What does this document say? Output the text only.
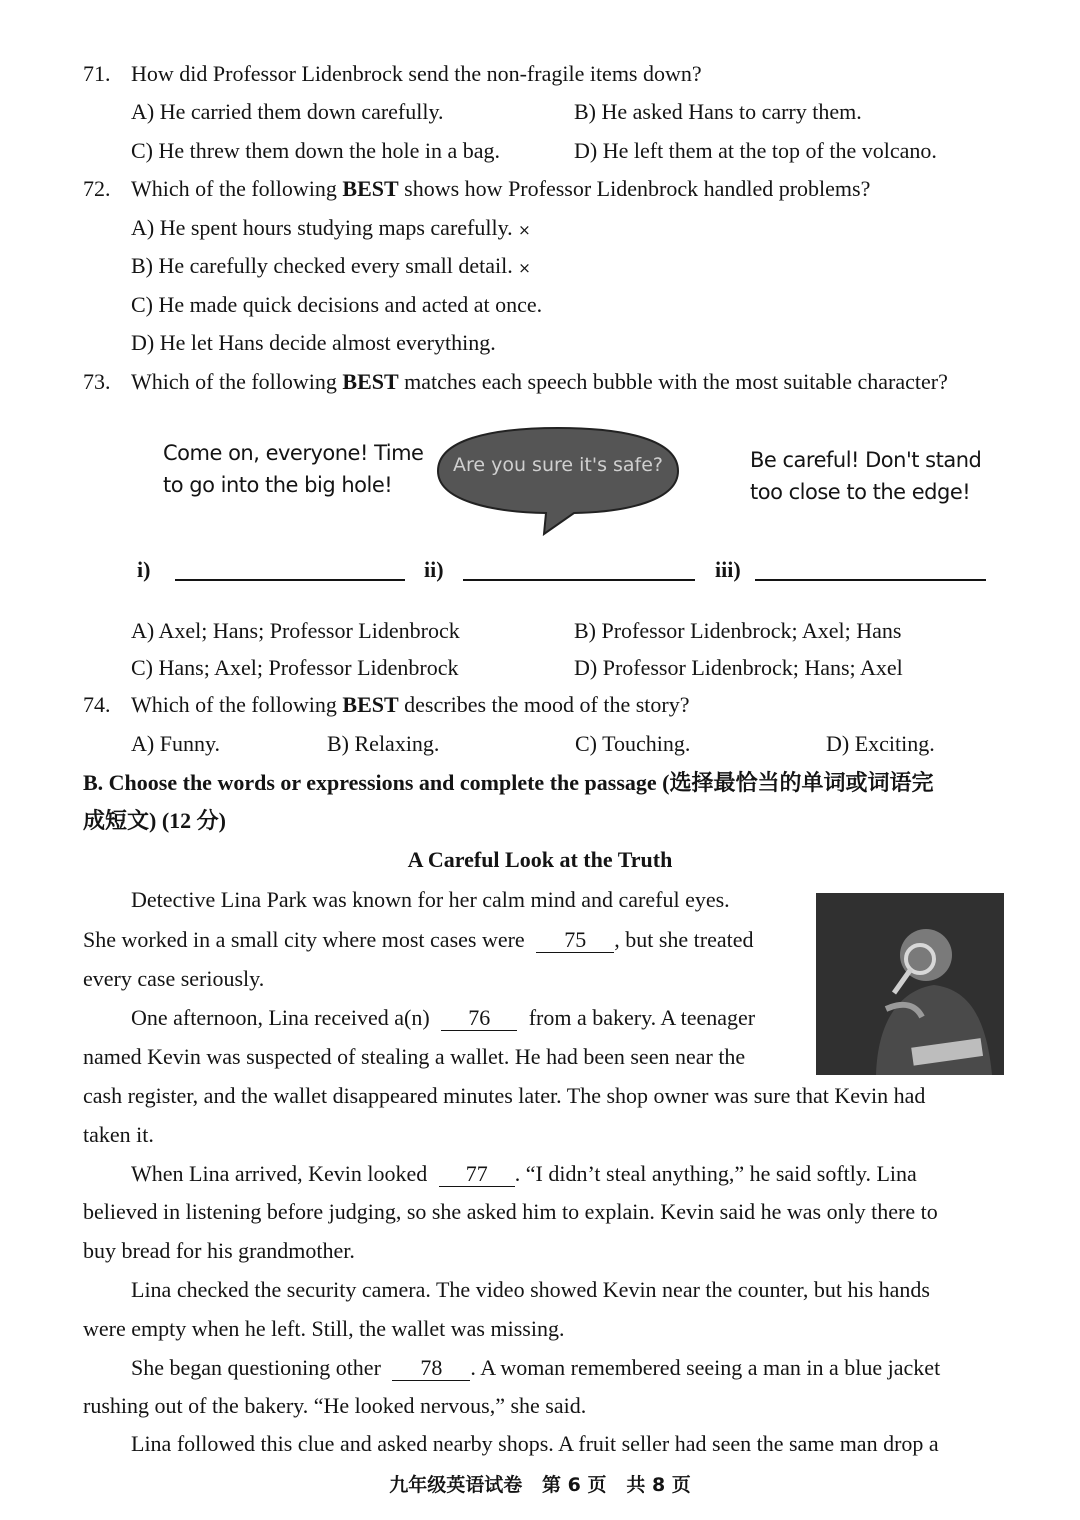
71. How did Professor Lidenbrock send the non-fragile items down?
A) He carried them down carefully.	B) He asked Hans to carry them.
C) He threw them down the hole in a bag.	D) He left them at the top of the volcano.
72. Which of the following BEST shows how Professor Lidenbrock handled problems?
A) He spent hours studying maps carefully. ×
B) He carefully checked every small detail. ×
C) He made quick decisions and acted at once.
D) He let Hans decide almost everything.
73. Which of the following BEST matches each speech bubble with the most suitable character?
Come on, everyone! Time
to go into the big hole!
Are you sure it's safe?	Be careful! Don't stand
too close to the edge!
i)	ii)	iii)
A) Axel; Hans; Professor Lidenbrock	B) Professor Lidenbrock; Axel; Hans
C) Hans; Axel; Professor Lidenbrock	D) Professor Lidenbrock; Hans; Axel
74. Which of the following BEST describes the mood of the story?
A) Funny.	B) Relaxing.	C) Touching.	D) Exciting.
B. Choose the words or expressions and complete the passage (选择最恰当的单词或词语完
成短文) (12 分)
A Careful Look at the Truth
Detective Lina Park was known for her calm mind and careful eyes.
She worked in a small city where most cases were 75 , but she treated
every case seriously.
One afternoon, Lina received a(n) 76 from a bakery. A teenager
named Kevin was suspected of stealing a wallet. He had been seen near the
cash register, and the wallet disappeared minutes later. The shop owner was sure that Kevin had
taken it.
When Lina arrived, Kevin looked 77 . “I didn’t steal anything,” he said softly. Lina
believed in listening before judging, so she asked him to explain. Kevin said he was only there to
buy bread for his grandmother.
Lina checked the security camera. The video showed Kevin near the counter, but his hands
were empty when he left. Still, the wallet was missing.
She began questioning other 78 . A woman remembered seeing a man in a blue jacket
rushing out of the bakery. “He looked nervous,” she said.
Lina followed this clue and asked nearby shops. A fruit seller had seen the same man drop a
九年级英语试卷   第 6 页   共 8 页
